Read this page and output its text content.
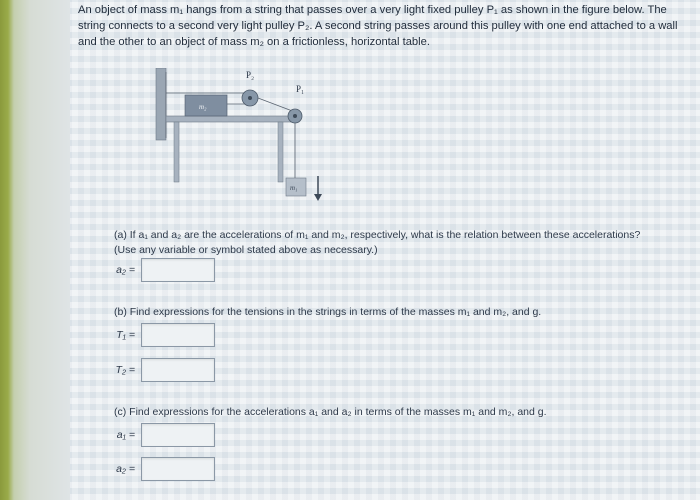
An object of mass m₁ hangs from a string that passes over a very light fixed pulley P₁ as shown in the figure below. The string connects to a second very light pulley P₂. A second string passes around this pulley with one end attached to a wall and the other to an object of mass m₂ on a frictionless, horizontal table.
P₂
P₁
m₂
m₁
(a) If a₁ and a₂ are the accelerations of m₁ and m₂, respectively, what is the relation between these accelerations?
(Use any variable or symbol stated above as necessary.)
a₂ =
(b) Find expressions for the tensions in the strings in terms of the masses m₁ and m₂, and g.
T₁ =
T₂ =
(c) Find expressions for the accelerations a₁ and a₂ in terms of the masses m₁ and m₂, and g.
a₁ =
a₂ =
